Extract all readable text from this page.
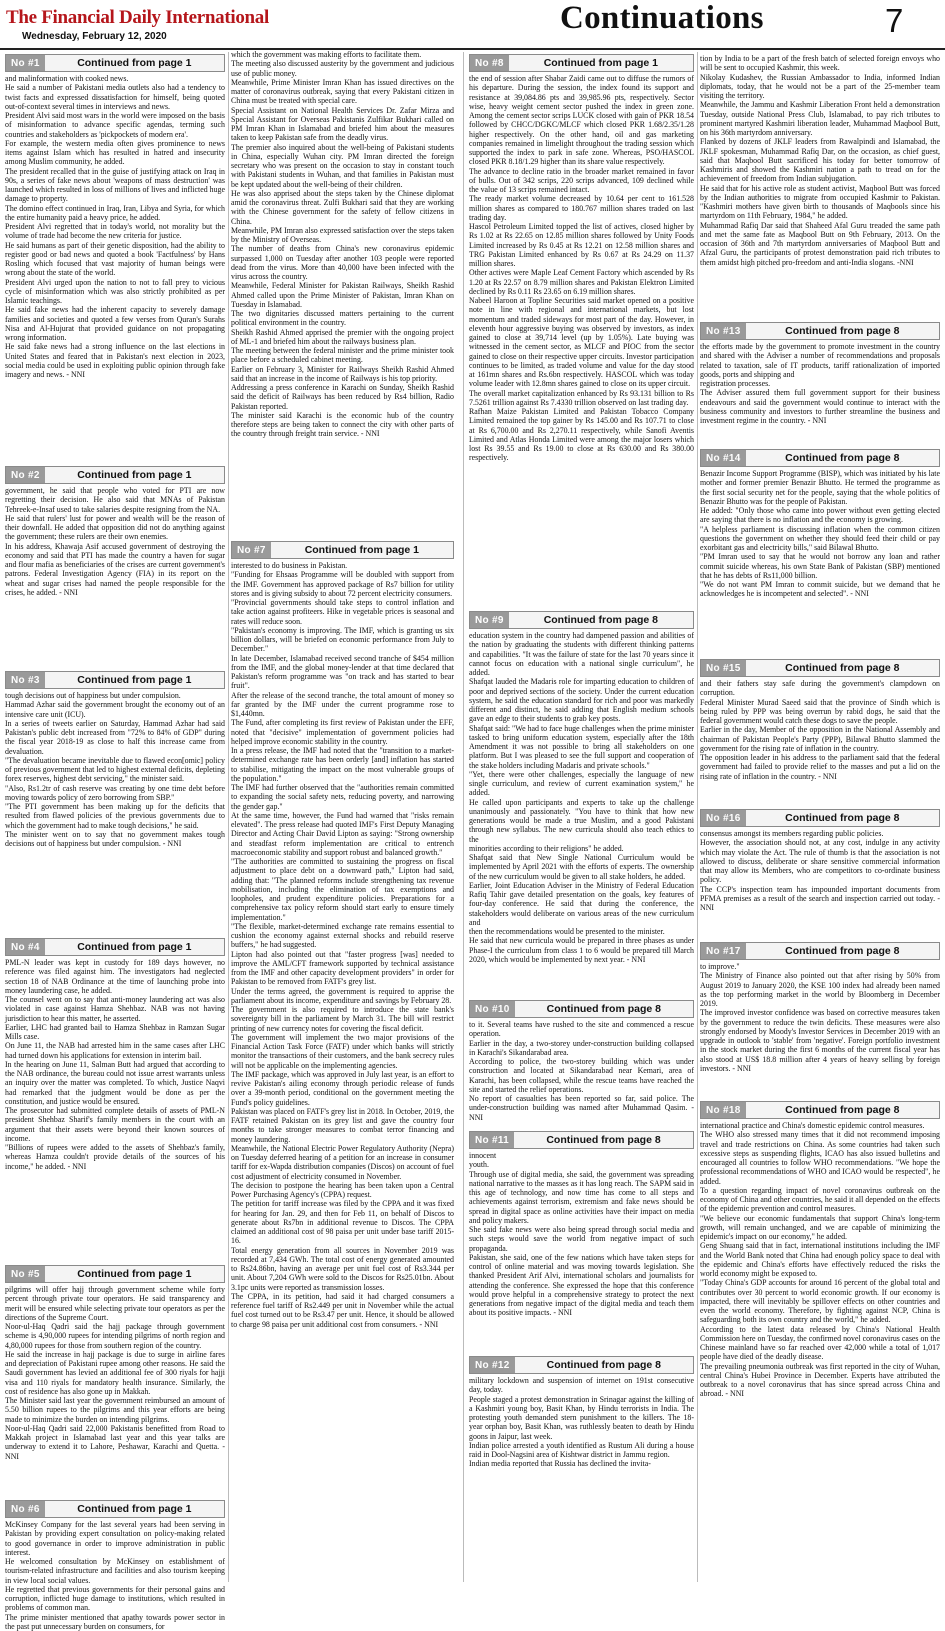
The Financial Daily International
Wednesday, February 12, 2020
Continuations	7
No #1	Continued from page 1
and malinformation with cooked news.
He said a number of Pakistani media outlets also had a tendency to twist facts and expressed dissatisfaction for himself, being quoted out-of-context several times in interviews and news.
President Alvi said most wars in the world were imposed on the basis of misinformation to advance specific agendas, terming such countries and stakeholders as 'pickpockets of modern era'.
For example, the western media often gives prominence to news items against Islam which has resulted in hatred and insecurity among Muslim community, he added.
The president recalled that in the guise of justifying attack on Iraq in 90s, a series of fake news about 'weapons of mass destruction' was launched which resulted in loss of millions of lives and inflicted huge damage to property.
The domino effect continued in Iraq, Iran, Libya and Syria, for which the entire humanity paid a heavy price, he added.
President Alvi regretted that in today's world, not morality but the volume of trade had become the new criteria for justice.
He said humans as part of their genetic disposition, had the ability to register good or bad news and quoted a book 'Factfulness' by Hans Rosling which focused that vast majority of human beings were wrong about the state of the world.
President Alvi urged upon the nation to not to fall prey to vicious cycle of misinformation which was also strictly prohibited as per Islamic teachings.
He said fake news had the inherent capacity to severely damage families and societies and quoted a few verses from Quran's Surahs Nisa and Al-Hujurat that provided guidance on not propagating wrong information.
He said fake news had a strong influence on the last elections in United States and feared that in Pakistan's next election in 2023, social media could be used in exploiting public opinion through fake imagery and news. - NNI
No #2	Continued from page 1
government, he said that people who voted for PTI are now regretting their decision. He also said that MNAs of Pakistan Tehreek-e-Insaf used to take salaries despite resigning from the NA.
He said that rulers' lust for power and wealth will be the reason of their downfall. He added that opposition did not do anything against the government; these rulers are their own enemies.
In his address, Khawaja Asif accused government of destroying the economy and said that PTI has made the country a haven for sugar and flour mafia as beneficiaries of the crises are current government's patrons. Federal Investigation Agency (FIA) in its report on the wheat and sugar crises had named the people responsible for the crises, he added. - NNI
No #3	Continued from page 1
tough decisions out of happiness but under compulsion.
Hammad Azhar said the government brought the economy out of an intensive care unit (ICU).
In a series of tweets earlier on Saturday, Hammad Azhar had said Pakistan's public debt increased from "72% to 84% of GDP" during the fiscal year 2018-19 as close to half this increase came from devaluation.
"The devaluation became inevitable due to flawed econ[omic] policy of previous government that led to highest external deficits, depleting forex reserves, highest debt servicing," the minister said.
"Also, Rs1.2tr of cash reserve was creating by one time debt before moving towards policy of zero borrowing from SBP."
"The PTI government has been making up for the deficits that resulted from flawed policies of the previous governments due to which the government had to make tough decisions," he said.
The minister went on to say that no government makes tough decisions out of happiness but under compulsion. - NNI
No #4	Continued from page 1
PML-N leader was kept in custody for 189 days however, no reference was filed against him. The investigators had neglected section 18 of NAB Ordinance at the time of launching probe into money laundering case, he added.
The counsel went on to say that anti-money laundering act was also violated in case against Hamza Shehbaz. NAB was not having jurisdiction to hear this matter, he asserted.
Earlier, LHC had granted bail to Hamza Shehbaz in Ramzan Sugar Mills case.
On June 11, the NAB had arrested him in the same cases after LHC had turned down his applications for extension in interim bail.
In the hearing on June 11, Salman Butt had argued that according to the NAB ordinance, the bureau could not issue arrest warrants unless an inquiry over the matter was completed. To which, Justice Naqvi had remarked that the judgment would be done as per the constitution, and justice would be ensured.
The prosecutor had submitted complete details of assets of PML-N president Shehbaz Sharif's family members in the court with an argument that their assets were beyond their known sources of income.
"Billions of rupees were added to the assets of Shehbaz's family, whereas Hamza couldn't provide details of the sources of his income," he added. - NNI
No #5	Continued from page 1
pilgrims will offer hajj through government scheme while forty percent through private tour operators. He said transparency and merit will be ensured while selecting private tour operators as per the directions of the Supreme Court.
Noor-ul-Haq Qadri said the hajj package through government scheme is 4,90,000 rupees for intending pilgrims of north region and 4,80,000 rupees for those from southern region of the country.
He said the increase in hajj package is due to surge in airline fares and depreciation of Pakistani rupee among other reasons. He said the Saudi government has levied an additional fee of 300 riyals for hajji visa and 110 riyals for mandatory health insurance. Similarly, the cost of residence has also gone up in Makkah.
The Minister said last year the government reimbursed an amount of 5.50 billion rupees to the pilgrims and this year efforts are being made to minimize the burden on intending pilgrims.
Noor-ul-Haq Qadri said 22,000 Pakistanis benefitted from Road to Makkah project in Islamabad last year and this year talks are underway to extend it to Lahore, Peshawar, Karachi and Quetta. - NNI
No #6	Continued from page 1
McKinsey Company for the last several years had been serving in Pakistan by providing expert consultation on policy-making related to good governance in order to improve administration in public interest.
He welcomed consultation by McKinsey on establishment of tourism-related infrastructure and facilities and also tourism keeping in view local social values.
He regretted that previous governments for their personal gains and corruption, inflicted huge damage to institutions, which resulted in problems of common man.
The prime minister mentioned that apathy towards power sector in the past put unnecessary burden on consumers, for
which the government was making efforts to facilitate them.
The meeting also discussed austerity by the government and judicious use of public money.
Meanwhile, Prime Minister Imran Khan has issued directives on the matter of coronavirus outbreak, saying that every Pakistani citizen in China must be treated with special care.
Special Assistant on National Health Services Dr. Zafar Mirza and Special Assistant for Overseas Pakistanis Zulfikar Bukhari called on PM Imran Khan in Islamabad and briefed him about the measures taken to keep Pakistan safe from the deadly virus.
The premier also inquired about the well-being of Pakistani students in China, especially Wuhan city. PM Imran directed the foreign secretary who was present on the occasion to stay in constant touch with Pakistani students in Wuhan, and that families in Pakistan must be kept updated about the well-being of their children.
He was also apprised about the steps taken by the Chinese diplomat amid the coronavirus threat. Zulfi Bukhari said that they are working with the Chinese government for the safety of fellow citizens in China.
Meanwhile, PM Imran also expressed satisfaction over the steps taken by the Ministry of Overseas.
The number of deaths from China's new coronavirus epidemic surpassed 1,000 on Tuesday after another 103 people were reported dead from the virus. More than 40,000 have been infected with the virus across the country.
Meanwhile, Federal Minister for Pakistan Railways, Sheikh Rashid Ahmed called upon the Prime Minister of Pakistan, Imran Khan on Tuesday in Islamabad.
The two dignitaries discussed matters pertaining to the current political environment in the country.
Sheikh Rashid Ahmed apprised the premier with the ongoing project of ML-1 and briefed him about the railways business plan.
The meeting between the federal minister and the prime minister took place before a scheduled cabinet meeting.
Earlier on February 3, Minister for Railways Sheikh Rashid Ahmed said that an increase in the income of Railways is his top priority.
Addressing a press conference in Karachi on Sunday, Sheikh Rashid said the deficit of Railways has been reduced by Rs4 billion, Radio Pakistan reported.
The minister said Karachi is the economic hub of the country therefore steps are being taken to connect the city with other parts of the country through freight train service. - NNI
No #7	Continued from page 1
interested to do business in Pakistan.
"Funding for Ehsaas Programme will be doubled with support from the IMF. Government has approved package of Rs7 billion for utility stores and is giving subsidy to about 72 percent electricity consumers.
"Provincial governments should take steps to control inflation and take action against profiteers. Hike in vegetable prices is seasonal and rates will reduce soon.
"Pakistan's economy is improving. The IMF, which is granting us six billion dollars, will be briefed on economic performance from July to December."
In late December, Islamabad received second tranche of $454 million from the IMF, and the global money-lender at that time declared that Pakistan's reform programme was "on track and has started to bear fruit".
After the release of the second tranche, the total amount of money so far granted by the IMF under the current programme rose to $1,440mn.
The Fund, after completing its first review of Pakistan under the EFF, noted that "decisive" implementation of government policies had helped improve economic stability in the country.
In a press release, the IMF had noted that the "transition to a market-determined exchange rate has been orderly [and] inflation has started to stabilise, mitigating the impact on the most vulnerable groups of the population."
The IMF had further observed that the "authorities remain committed to expanding the social safety nets, reducing poverty, and narrowing the gender gap."
At the same time, however, the Fund had warned that "risks remain elevated". The press release had quoted IMF's First Deputy Managing Director and Acting Chair David Lipton as saying: "Strong ownership and steadfast reform implementation are critical to entrench macroeconomic stability and support robust and balanced growth."
"The authorities are committed to sustaining the progress on fiscal adjustment to place debt on a downward path," Lipton had said, adding that: "The planned reforms include strengthening tax revenue mobilisation, including the elimination of tax exemptions and loopholes, and prudent expenditure policies. Preparations for a comprehensive tax policy reform should start early to ensure timely implementation."
"The flexible, market-determined exchange rate remains essential to cushion the economy against external shocks and rebuild reserve buffers," he had suggested.
Lipton had also pointed out that "faster progress [was] needed to improve the AML/CFT framework supported by technical assistance from the IMF and other capacity development providers" in order for Pakistan to be removed from FATF's grey list.
Under the terms agreed, the government is required to apprise the parliament about its income, expenditure and savings by February 28.
The government is also required to introduce the state bank's sovereignty bill in the parliament by March 31. The bill will restrict printing of new currency notes for covering the fiscal deficit.
The government will implement the two major provisions of the Financial Action Task Force (FATF) under which banks will strictly monitor the transactions of their customers, and the bank secrecy rules will not be applicable on the implementing agencies.
The IMF package, which was approved in July last year, is an effort to revive Pakistan's ailing economy through periodic release of funds over a 39-month period, conditional on the government meeting the Fund's policy guidelines.
Pakistan was placed on FATF's grey list in 2018. In October, 2019, the FATF retained Pakistan on its grey list and gave the country four months to take stronger measures to combat terror financing and money laundering.
Meanwhile, the National Electric Power Regulatory Authority (Nepra) on Tuesday deferred hearing of a petition for an increase in consumer tariff for ex-Wapda distribution companies (Discos) on account of fuel cost adjustment of electricity consumed in November.
The decision to postpone the hearing has been taken upon a Central Power Purchasing Agency's (CPPA) request.
The petition for tariff increase was filed by the CPPA and it was fixed for hearing for Jan. 29, and then for Feb 11, on behalf of Discos to generate about Rs7bn in additional revenue to Discos. The CPPA claimed an additional cost of 98 paisa per unit under base tariff 2015-16.
Total energy generation from all sources in November 2019 was recorded at 7,434 GWh. The total cost of energy generated amounted to Rs24.86bn, having an average per unit fuel cost of Rs3.344 per unit. About 7,204 GWh were sold to the Discos for Rs25.01bn. About 3.1pc units were reported as transmission losses.
The CPPA, in its petition, had said it had charged consumers a reference fuel tariff of Rs2.449 per unit in November while the actual fuel cost turned out to be Rs3.47 per unit. Hence, it should be allowed to charge 98 paisa per unit additional cost from consumers. - NNI
No #8	Continued from page 1
the end of session after Shabar Zaidi came out to diffuse the rumors of his departure. During the session, the index found its support and resistance at 39,084.86 pts and 39,985.96 pts, respectively. Sector wise, heavy weight cement sector pushed the index in green zone. Among the cement sector scrips LUCK closed with gain of PKR 18.54 followed by CHCC/DGKC/MLCF which closed PKR 1.68/2.35/1.28 higher respectively. On the other hand, oil and gas marketing companies remained in limelight throughout the trading session which supported the index to park in safe zone. Whereas, PSO/HASCOL closed PKR 8.18/1.29 higher than its share value respectively.
The advance to decline ratio in the broader market remained in favor of bulls. Out of 342 scrips, 220 scrips advanced, 109 declined while the value of 13 scrips remained intact.
The ready market volume decreased by 10.64 per cent to 161.528 million shares as compared to 180.767 million shares traded on last trading day.
Hascol Petroleum Limited topped the list of actives, closed higher by Rs 1.02 at Rs 22.65 on 12.85 million shares followed by Unity Foods Limited increased by Rs 0.45 at Rs 12.21 on 12.58 million shares and TRG Pakistan Limited enhanced by Rs 0.67 at Rs 24.29 on 11.37 million shares.
Other actives were Maple Leaf Cement Factory which ascended by Rs 1.20 at Rs 22.57 on 8.79 million shares and Pakistan Elektron Limited declined by Rs 0.11 Rs 23.65 on 6.19 million shares.
Nabeel Haroon at Topline Securities said market opened on a positive note in line with regional and international markets, but lost momentum and traded sideways for most part of the day. However, in eleventh hour aggressive buying was observed by investors, as index gained to close at 39,714 level (up by 1.05%). Late buying was witnessed in the cement sector, as MLCF and PIOC from the sector gained to close on their respective upper circuits. Investor participation continues to be limited, as traded volume and value for the day stood at 161mn shares and Rs.6bn respectively. HASCOL which was today volume leader with 12.8mn shares gained to close on its upper circuit.
The overall market capitalization enhanced by Rs 93.131 billion to Rs 7.5261 trillion against Rs 7.4330 trillion observed on last trading day.
Rafhan Maize Pakistan Limited and Pakistan Tobacco Company Limited remained the top gainer by Rs 145.00 and Rs 107.71 to close at Rs 6,700.00 and Rs 2,270.11 respectively, while Sanofi Aventis Limited and Atlas Honda Limited were among the major losers which lost Rs 39.55 and Rs 19.00 to close at Rs 630.00 and Rs 380.00 respectively.
No #9	Continued from page 8
education system in the country had dampened passion and abilities of the nation by graduating the students with different thinking patterns and capabilities. "It was the failure of state for the last 70 years since it cannot focus on education with a national single curriculum", he added.
Shafqat lauded the Madaris role for imparting education to children of poor and deprived sections of the society. Under the current education system, he said the education standard for rich and poor was markedly different and distinct, he said adding that English medium schools gave an edge to their students to grab key posts.
Shafqat said: "We had to face huge challenges when the prime minister tasked to bring uniform education system, especially after the 18th Amendment it was not possible to bring all stakeholders on one platform. But I was pleased to see the full support and cooperation of the stake holders including Madaris and private schools."
"Yet, there were other challenges, especially the language of new single curriculum, and review of current examination system," he added.
He called upon participants and experts to take up the challenge unanimously and passionately. "You have to think that how new generations would be made a true Muslim, and a good Pakistani through new syllabus. The new curricula should also teach ethics to the
minorities according to their religions" he added.
Shafqat said that New Single National Curriculum would be implemented by April 2021 with the efforts of experts. The ownership of the new curriculum would be given to all stake holders, he added.
Earlier, Joint Education Adviser in the Ministry of Federal Education Rafiq Tahir gave detailed presentation on the goals, key features of four-day conference. He said that during the conference, the stakeholders would deliberate on various areas of the new curriculum and
then the recommendations would be presented to the minister.
He said that new curricula would be prepared in three phases as under Phase-I the curriculum from class 1 to 6 would be prepared till March 2020, which would be implemented by next year. - NNI
No #10	Continued from page 8
to it. Several teams have rushed to the site and commenced a rescue operation.
Earlier in the day, a two-storey under-construction building collapsed in Karachi's Sikandarabad area.
According to police, the two-storey building which was under construction and located at Sikandarabad near Kemari, area of Karachi, has been collapsed, while the rescue teams have reached the site and started the relief operations.
No report of casualties has been reported so far, said police. The under-construction building was named after Muhammad Qasim. - NNI
No #11	Continued from page 8
innocent
youth.
Through use of digital media, she said, the government was spreading national narrative to the masses as it has long reach. The SAPM said in this age of technology, and now time has come to all steps and achievements against terrorism, extremism and fake news should be spread in digital space as online activities have their impact on media and policy makers.
She said fake news were also being spread through social media and such steps would save the world from negative impact of such propaganda.
Pakistan, she said, one of the few nations which have taken steps for control of online material and was moving towards legislation. She thanked President Arif Alvi, international scholars and journalists for attending the conference. She expressed the hope that this conference would prove helpful in a comprehensive strategy to protect the next generations from negative impact of the digital media and teach them about its positive impacts. - NNI
No #12	Continued from page 8
military lockdown and suspension of internet on 191st consecutive day, today.
People staged a protest demonstration in Srinagar against the killing of a Kashmiri young boy, Basit Khan, by Hindu terrorists in India. The protesting youth demanded stern punishment to the killers. The 18-year orphan boy, Basit Khan, was ruthlessly beaten to death by Hindu goons in Jaipur, last week.
Indian police arrested a youth identified as Rustum Ali during a house raid in Dool-Nagsini area of Kishtwar district in Jammu region.
Indian media reported that Russia has declined the invita-
tion by India to be a part of the fresh batch of selected foreign envoys who will be sent to occupied Kashmir, this week.
Nikolay Kudashev, the Russian Ambassador to India, informed Indian diplomats, today, that he would not be a part of the 25-member team visiting the territory.
Meanwhile, the Jammu and Kashmir Liberation Front held a demonstration Tuesday, outside National Press Club, Islamabad, to pay rich tributes to prominent martyred Kashmiri liberation leader, Muhammad Maqbool Butt, on his 36th martyrdom anniversary.
Flanked by dozens of JKLF leaders from Rawalpindi and Islamabad, the JKLF spokesman, Muhammad Rafiq Dar, on the occasion, as chief guest, said that Maqbool Butt sacrificed his today for better tomorrow of Kashmiris and showed the Kashmiri nation a path to tread on for the achievement of freedom from Indian subjugation.
He said that for his active role as student activist, Maqbool Butt was forced by the Indian authorities to migrate from occupied Kashmir to Pakistan. "Kashmiri mothers have given birth to thousands of Maqbools since his martyrdom on 11th February, 1984," he added.
Muhammad Rafiq Dar said that Shaheed Afal Guru treaded the same path and met the same fate as Maqbool Butt on 9th February, 2013. On the occasion of 36th and 7th martyrdom anniversaries of Maqbool Butt and Afzal Guru, the participants of protest demonstration paid rich tributes to them amidst high pitched pro-freedom and anti-India slogans. -NNI
No #13	Continued from page 8
the efforts made by the government to promote investment in the country and shared with the Adviser a number of recommendations and proposals related to taxation, sale of IT products, tariff rationalization of imported goods, ports and shipping and
registration processes.
The Adviser assured them full government support for their business endeavours and said the government would continue to interact with the business community and investors to further streamline the business and investment regime in the country. - NNI
No #14	Continued from page 8
Benazir Income Support Programme (BISP), which was initiated by his late mother and former premier Benazir Bhutto. He termed the programme as the first social security net for the people, saying that the whole politics of Benazir Bhutto was for the people of Pakistan.
He added: "Only those who came into power without even getting elected are saying that there is no inflation and the economy is growing.
"A helpless parliament is discussing inflation when the common citizen questions the government on whether they should feed their child or pay exorbitant gas and electricity bills," said Bilawal Bhutto.
"PM Imran used to say that he would not borrow any loan and rather commit suicide whereas, his own State Bank of Pakistan (SBP) mentioned that he has debts of Rs11,000 billion.
"We do not want PM Imran to commit suicide, but we demand that he acknowledges he is incompetent and selected". - NNI
No #15	Continued from page 8
and their fathers stay safe during the government's clampdown on corruption.
Federal Minister Murad Saeed said that the province of Sindh which is being ruled by PPP was being overrun by rabid dogs, he said that the federal government would catch these dogs to save the people.
Earlier in the day, Member of the opposition in the National Assembly and chairman of Pakistan People's Party (PPP), Bilawal Bhutto slammed the government for the rising rate of inflation in the country.
The opposition leader in his address to the parliament said that the federal government had failed to provide relief to the masses and put a lid on the rising rate of inflation in the country. - NNI
No #16	Continued from page 8
consensus amongst its members regarding public policies.
However, the association should not, at any cost, indulge in any activity which may violate the Act. The rule of thumb is that the association is not allowed to discuss, deliberate or share sensitive commercial information that may allow its Members, who are competitors to co-ordinate business policy.
The CCP's inspection team has impounded important documents from PFMA premises as a result of the search and inspection carried out today. - NNI
No #17	Continued from page 8
to improve."
The Ministry of Finance also pointed out that after rising by 50% from August 2019 to January 2020, the KSE 100 index had already been named as the top performing market in the world by Bloomberg in December 2019.
The improved investor confidence was based on corrective measures taken by the government to reduce the twin deficits. These measures were also strongly endorsed by Moody's Investor Services in December 2019 with an upgrade in outlook to 'stable' from 'negative'. Foreign portfolio investment in the stock market during the first 6 months of the current fiscal year has also stood at US$ 18.8 million after 4 years of heavy selling by foreign investors. - NNI
No #18	Continued from page 8
international practice and China's domestic epidemic control measures.
The WHO also stressed many times that it did not recommend imposing travel and trade restrictions on China. As some countries had taken such excessive steps as suspending flights, ICAO has also issued bulletins and encouraged all countries to follow WHO recommendations. "We hope the professional recommendations of WHO and ICAO would be respected", he added.
To a question regarding impact of novel coronavirus outbreak on the economy of China and other countries, he said it all depended on the effects of the epidemic prevention and control measures.
"We believe our economic fundamentals that support China's long-term growth, will remain unchanged, and we are capable of minimizing the epidemic's impact on our economy," he added.
Geng Shuang said that in fact, international institutions including the IMF and the World Bank noted that China had enough policy space to deal with the epidemic and China's efforts have effectively reduced the risks the world economy might be exposed to.
"Today China's GDP accounts for around 16 percent of the global total and contributes over 30 percent to world economic growth. If our economy is impacted, there will inevitably be spillover effects on other countries and even the world economy. Therefore, by fighting against NCP, China is safeguarding both its own country and the world," he added.
According to the latest data released by China's National Health Commission here on Tuesday, the confirmed novel coronavirus cases on the Chinese mainland have so far reached over 42,000 while a total of 1,017 people have died of the deadly disease.
The prevailing pneumonia outbreak was first reported in the city of Wuhan, central China's Hubei Province in December. Experts have attributed the outbreak to a novel coronavirus that has since spread across China and abroad. - NNI
